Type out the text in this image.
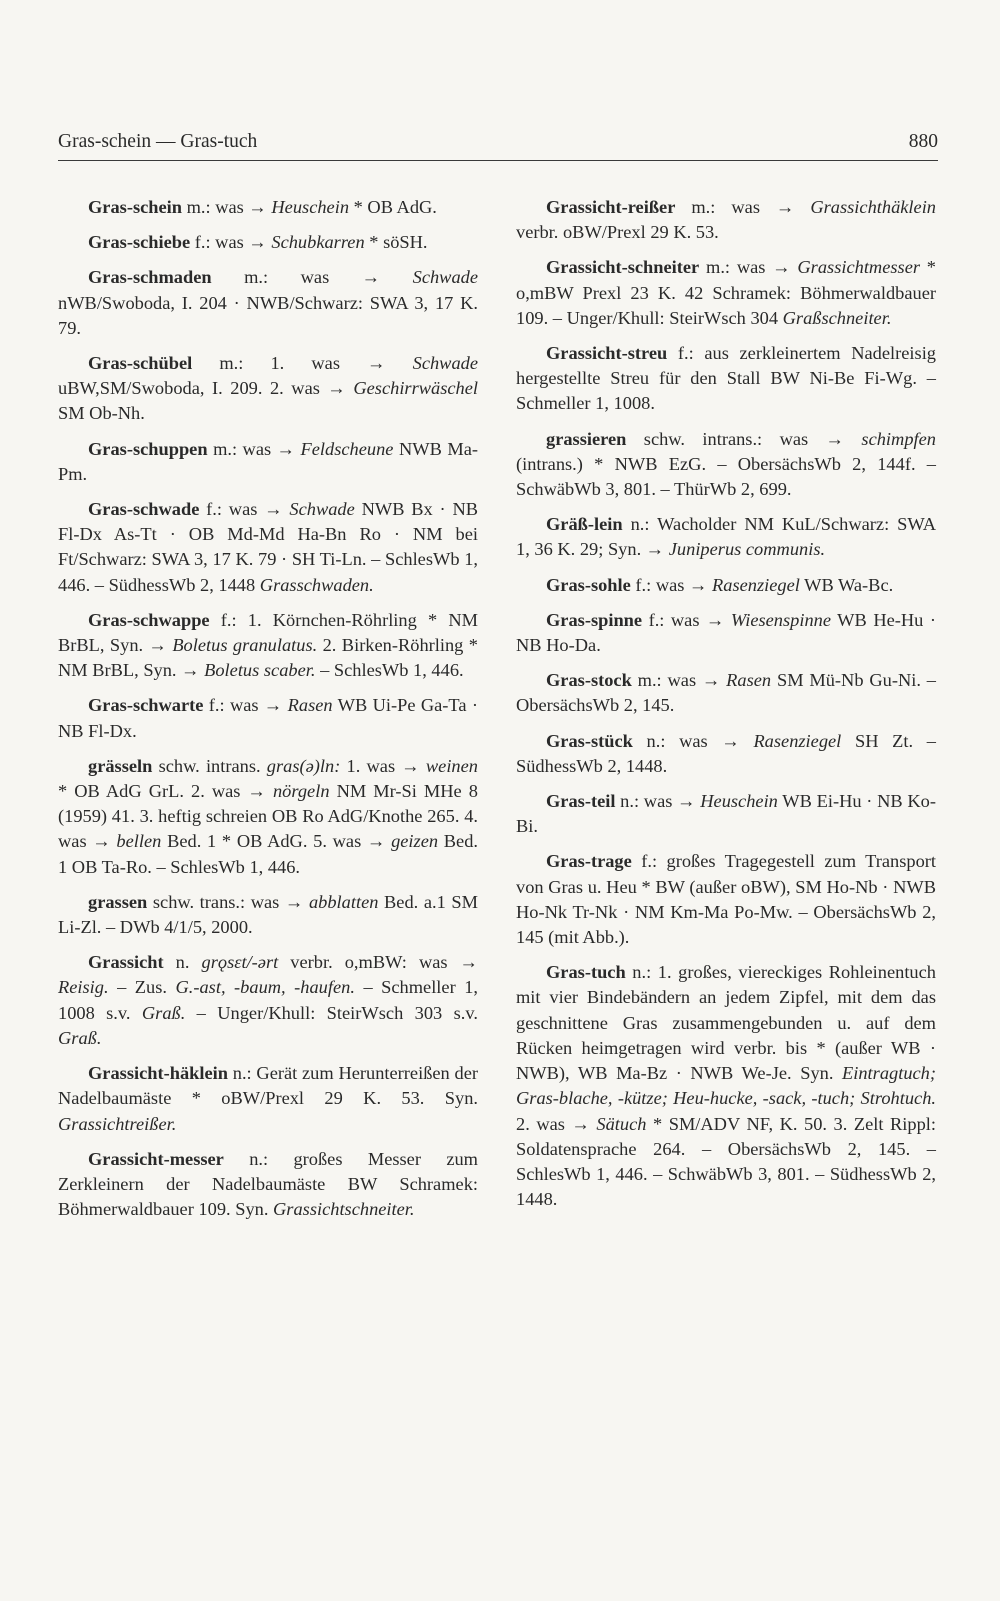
Gras-schein — Gras-tuch	880

Gras-schein m.: was → Heuschein * OB AdG.

Gras-schiebe f.: was → Schubkarren * söSH.

Gras-schmaden m.: was → Schwade nWB/Swoboda, I. 204 · NWB/Schwarz: SWA 3, 17 K. 79.

Gras-schübel m.: 1. was → Schwade uBW,SM/Swoboda, I. 209. 2. was → Geschirrwäschel SM Ob-Nh.

Gras-schuppen m.: was → Feldscheune NWB Ma-Pm.

Gras-schwade f.: was → Schwade NWB Bx · NB Fl-Dx As-Tt · OB Md-Md Ha-Bn Ro · NM bei Ft/Schwarz: SWA 3, 17 K. 79 · SH Ti-Ln. – SchlesWb 1, 446. – SüdhessWb 2, 1448 Grasschwaden.

Gras-schwappe f.: 1. Körnchen-Röhrling * NM BrBL, Syn. → Boletus granulatus. 2. Birken-Röhrling * NM BrBL, Syn. → Boletus scaber. – SchlesWb 1, 446.

Gras-schwarte f.: was → Rasen WB Ui-Pe Ga-Ta · NB Fl-Dx.

grässeln schw. intrans. gras(ə)ln: 1. was → weinen * OB AdG GrL. 2. was → nörgeln NM Mr-Si MHe 8 (1959) 41. 3. heftig schreien OB Ro AdG/Knothe 265. 4. was → bellen Bed. 1 * OB AdG. 5. was → geizen Bed. 1 OB Ta-Ro. – SchlesWb 1, 446.

grassen schw. trans.: was → abblatten Bed. a.1 SM Li-Zl. – DWb 4/1/5, 2000.

Grassicht n. grǫsεt/-ərt verbr. o,mBW: was → Reisig. – Zus. G.-ast, -baum, -haufen. – Schmeller 1, 1008 s.v. Graß. – Unger/Khull: SteirWsch 303 s.v. Graß.

Grassicht-häklein n.: Gerät zum Herunterreißen der Nadelbaumäste * oBW/Prexl 29 K. 53. Syn. Grassichtreißer.

Grassicht-messer n.: großes Messer zum Zerkleinern der Nadelbaumäste BW Schramek: Böhmerwaldbauer 109. Syn. Grassichtschneiter.

Grassicht-reißer m.: was → Grassichthäklein verbr. oBW/Prexl 29 K. 53.

Grassicht-schneiter m.: was → Grassichtmesser * o,mBW Prexl 23 K. 42 Schramek: Böhmerwaldbauer 109. – Unger/Khull: SteirWsch 304 Graßschneiter.

Grassicht-streu f.: aus zerkleinertem Nadelreisig hergestellte Streu für den Stall BW Ni-Be Fi-Wg. – Schmeller 1, 1008.

grassieren schw. intrans.: was → schimpfen (intrans.) * NWB EzG. – ObersächsWb 2, 144f. – SchwäbWb 3, 801. – ThürWb 2, 699.

Gräß-lein n.: Wacholder NM KuL/Schwarz: SWA 1, 36 K. 29; Syn. → Juniperus communis.

Gras-sohle f.: was → Rasenziegel WB Wa-Bc.

Gras-spinne f.: was → Wiesenspinne WB He-Hu · NB Ho-Da.

Gras-stock m.: was → Rasen SM Mü-Nb Gu-Ni. – ObersächsWb 2, 145.

Gras-stück n.: was → Rasenziegel SH Zt. – SüdhessWb 2, 1448.

Gras-teil n.: was → Heuschein WB Ei-Hu · NB Ko-Bi.

Gras-trage f.: großes Tragegestell zum Transport von Gras u. Heu * BW (außer oBW), SM Ho-Nb · NWB Ho-Nk Tr-Nk · NM Km-Ma Po-Mw. – ObersächsWb 2, 145 (mit Abb.).

Gras-tuch n.: 1. großes, viereckiges Rohleinentuch mit vier Bindebändern an jedem Zipfel, mit dem das geschnittene Gras zusammengebunden u. auf dem Rücken heimgetragen wird verbr. bis * (außer WB · NWB), WB Ma-Bz · NWB We-Je. Syn. Eintragtuch; Gras-blache, -kütze; Heu-hucke, -sack, -tuch; Strohtuch. 2. was → Sätuch * SM/ADV NF, K. 50. 3. Zelt Rippl: Soldatensprache 264. – ObersächsWb 2, 145. – SchlesWb 1, 446. – SchwäbWb 3, 801. – SüdhessWb 2, 1448.
